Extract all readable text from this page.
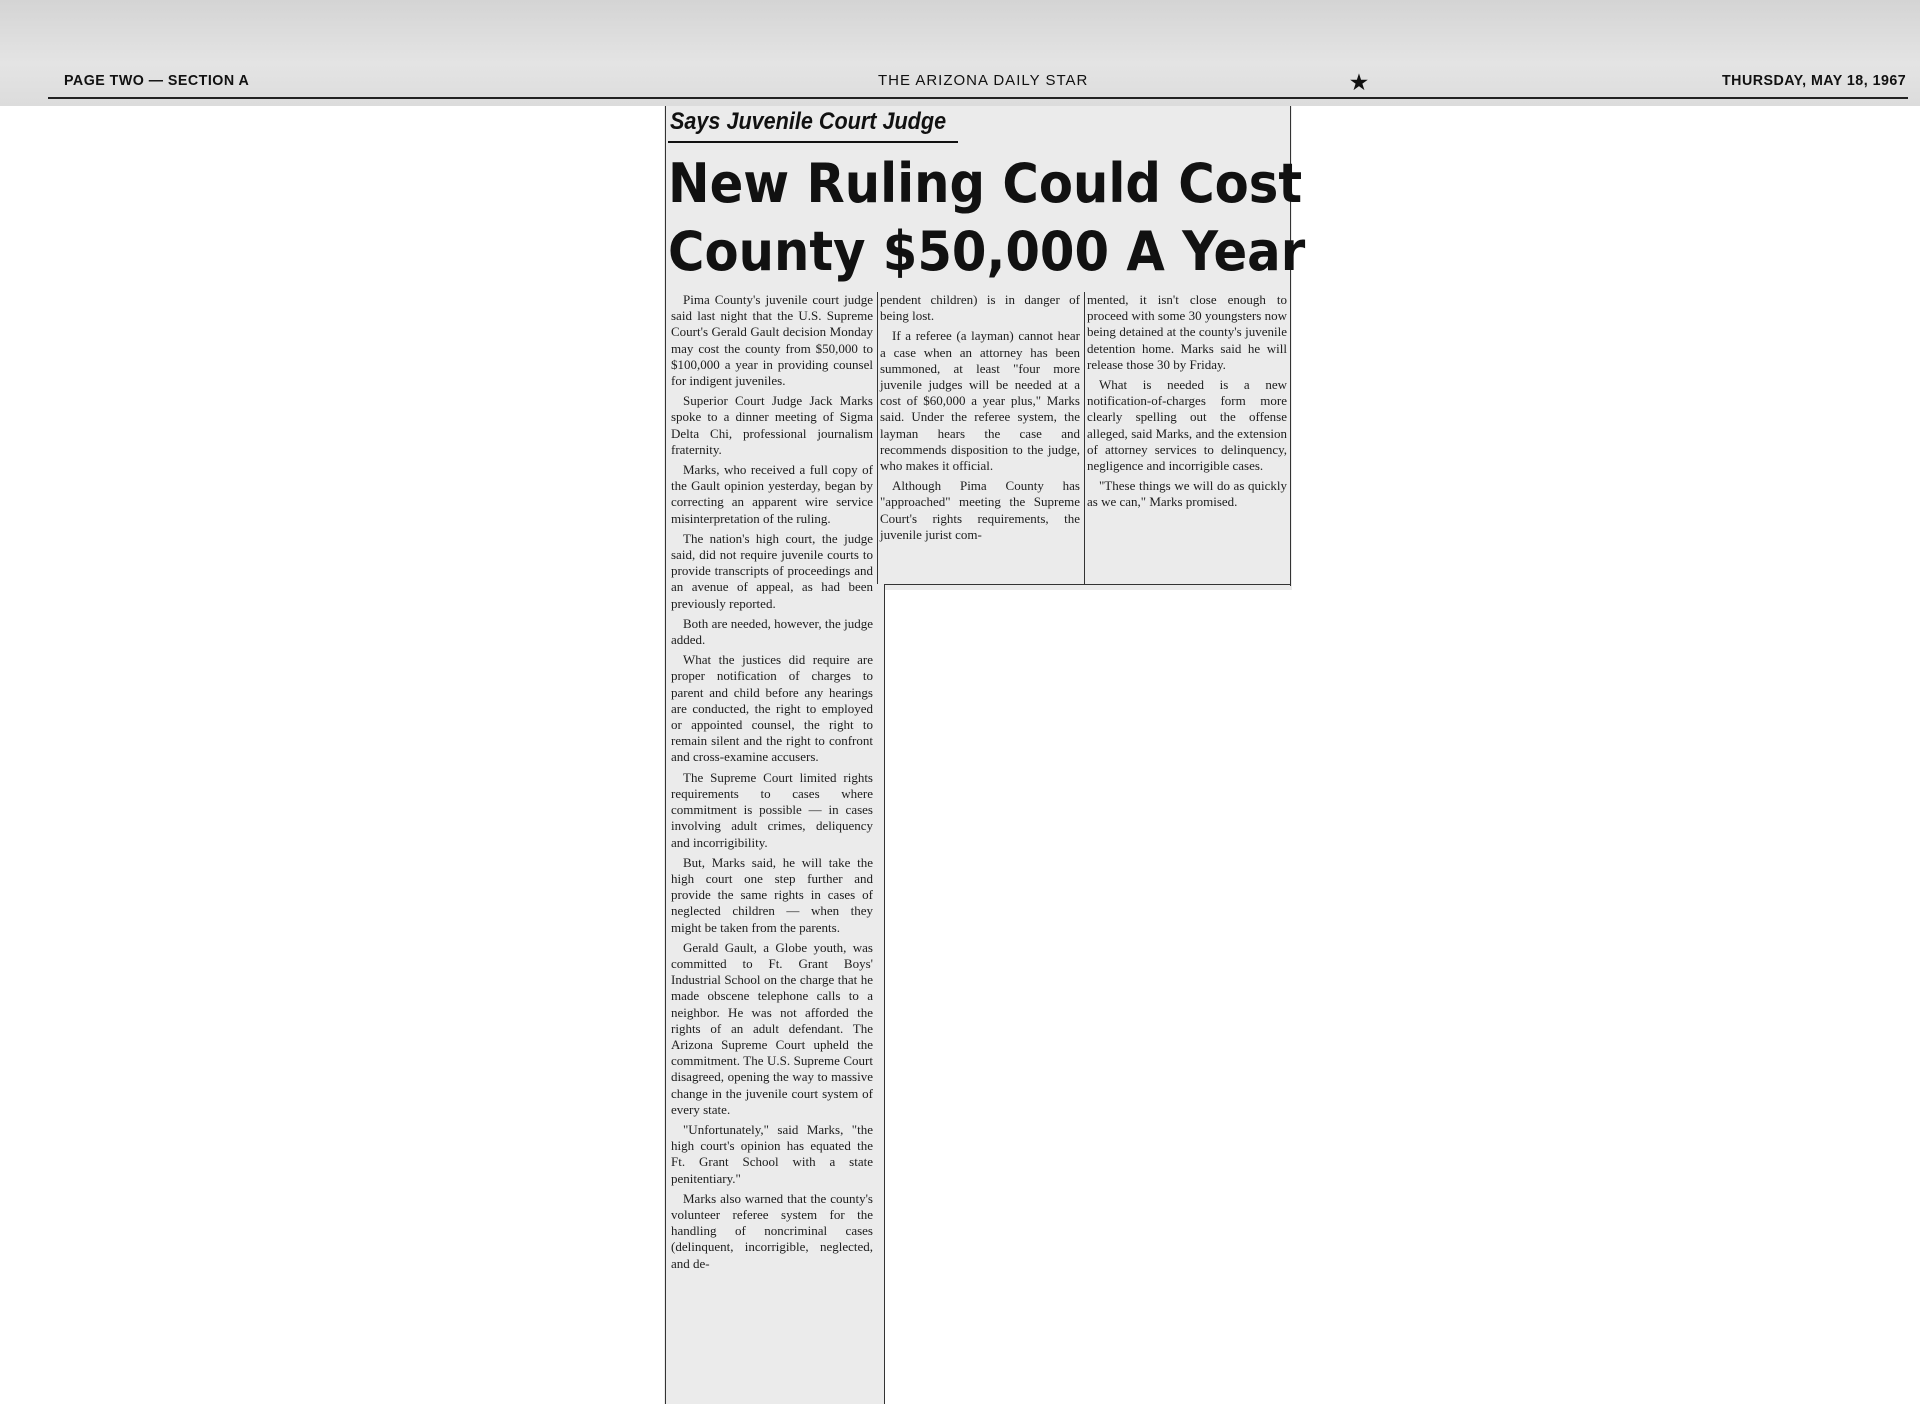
PAGE TWO — SECTION A	THE ARIZONA DAILY STAR	★	THURSDAY, MAY 18, 1967
Says Juvenile Court Judge
New Ruling Could Cost
County $50,000 A Year

Pima County's juvenile court judge said last night that the U.S. Supreme Court's Gerald Gault decision Monday may cost the county from $50,000 to $100,000 a year in providing counsel for indigent juveniles.

Superior Court Judge Jack Marks spoke to a dinner meeting of Sigma Delta Chi, professional journalism fraternity.

Marks, who received a full copy of the Gault opinion yesterday, began by correcting an apparent wire service misinterpretation of the ruling.

The nation's high court, the judge said, did not require juvenile courts to provide transcripts of proceedings and an avenue of appeal, as had been previously reported.

Both are needed, however, the judge added.

What the justices did require are proper notification of charges to parent and child before any hearings are conducted, the right to employed or appointed counsel, the right to remain silent and the right to confront and cross-examine accusers.

The Supreme Court limited rights requirements to cases where commitment is possible — in cases involving adult crimes, deliquency and incorrigibility.

But, Marks said, he will take the high court one step further and provide the same rights in cases of neglected children — when they might be taken from the parents.

Gerald Gault, a Globe youth, was committed to Ft. Grant Boys' Industrial School on the charge that he made obscene telephone calls to a neighbor. He was not afforded the rights of an adult defendant. The Arizona Supreme Court upheld the commitment. The U.S. Supreme Court disagreed, opening the way to massive change in the juvenile court system of every state.

"Unfortunately," said Marks, "the high court's opinion has equated the Ft. Grant School with a state penitentiary."

Marks also warned that the county's volunteer referee system for the handling of noncriminal cases (delinquent, incorrigible, neglected, and de-

pendent children) is in danger of being lost.

If a referee (a layman) cannot hear a case when an attorney has been summoned, at least "four more juvenile judges will be needed at a cost of $60,000 a year plus," Marks said. Under the referee system, the layman hears the case and recommends disposition to the judge, who makes it official.

Although Pima County has "approached" meeting the Supreme Court's rights requirements, the juvenile jurist com-

mented, it isn't close enough to proceed with some 30 youngsters now being detained at the county's juvenile detention home. Marks said he will release those 30 by Friday.

What is needed is a new notification-of-charges form more clearly spelling out the offense alleged, said Marks, and the extension of attorney services to delinquency, negligence and incorrigible cases.

"These things we will do as quickly as we can," Marks promised.
